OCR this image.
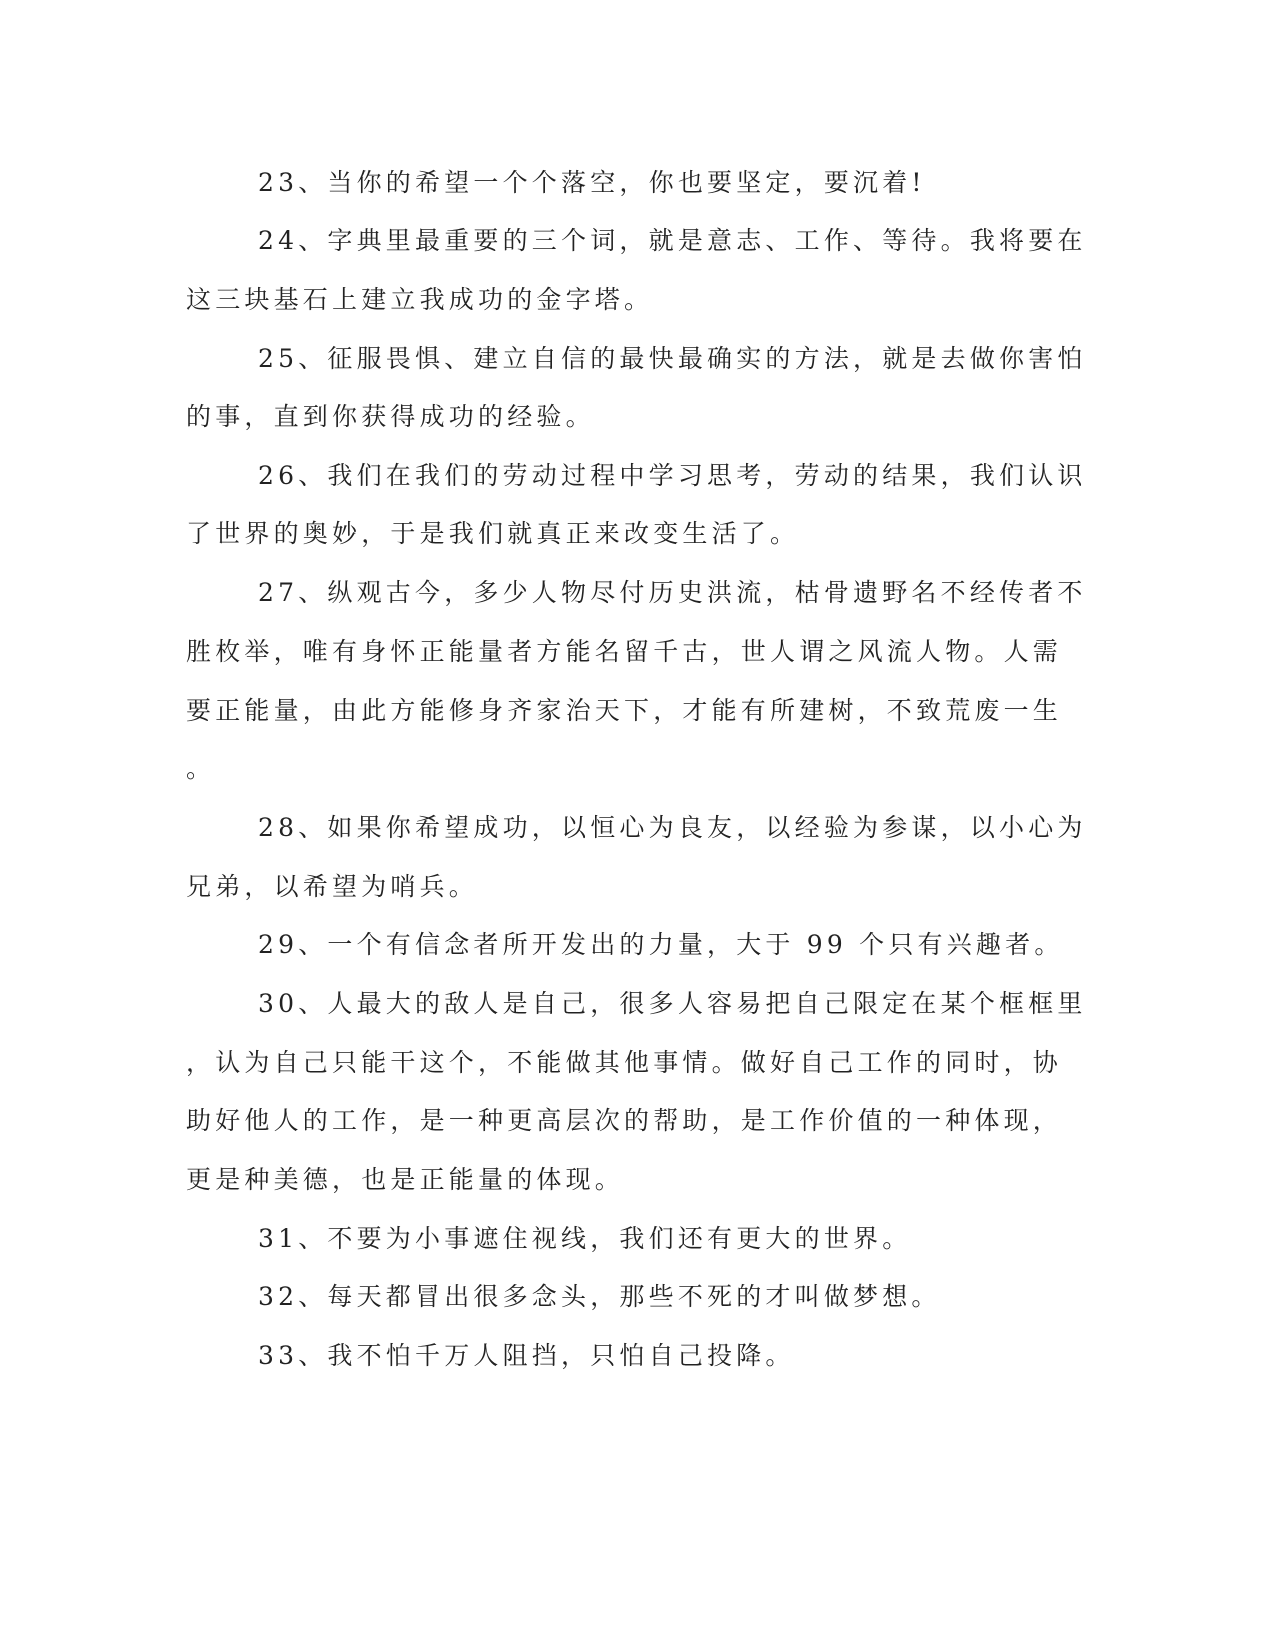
23、当你的希望一个个落空，你也要坚定，要沉着!
24、字典里最重要的三个词，就是意志、工作、等待。我将要在
这三块基石上建立我成功的金字塔。
25、征服畏惧、建立自信的最快最确实的方法，就是去做你害怕
的事，直到你获得成功的经验。
26、我们在我们的劳动过程中学习思考，劳动的结果，我们认识
了世界的奥妙，于是我们就真正来改变生活了。
27、纵观古今，多少人物尽付历史洪流，枯骨遗野名不经传者不
胜枚举，唯有身怀正能量者方能名留千古，世人谓之风流人物。人需
要正能量，由此方能修身齐家治天下，才能有所建树，不致荒废一生
。
28、如果你希望成功，以恒心为良友，以经验为参谋，以小心为
兄弟，以希望为哨兵。
29、一个有信念者所开发出的力量，大于 99 个只有兴趣者。
30、人最大的敌人是自己，很多人容易把自己限定在某个框框里
，认为自己只能干这个，不能做其他事情。做好自己工作的同时，协
助好他人的工作，是一种更高层次的帮助，是工作价值的一种体现，
更是种美德，也是正能量的体现。
31、不要为小事遮住视线，我们还有更大的世界。
32、每天都冒出很多念头，那些不死的才叫做梦想。
33、我不怕千万人阻挡，只怕自己投降。
